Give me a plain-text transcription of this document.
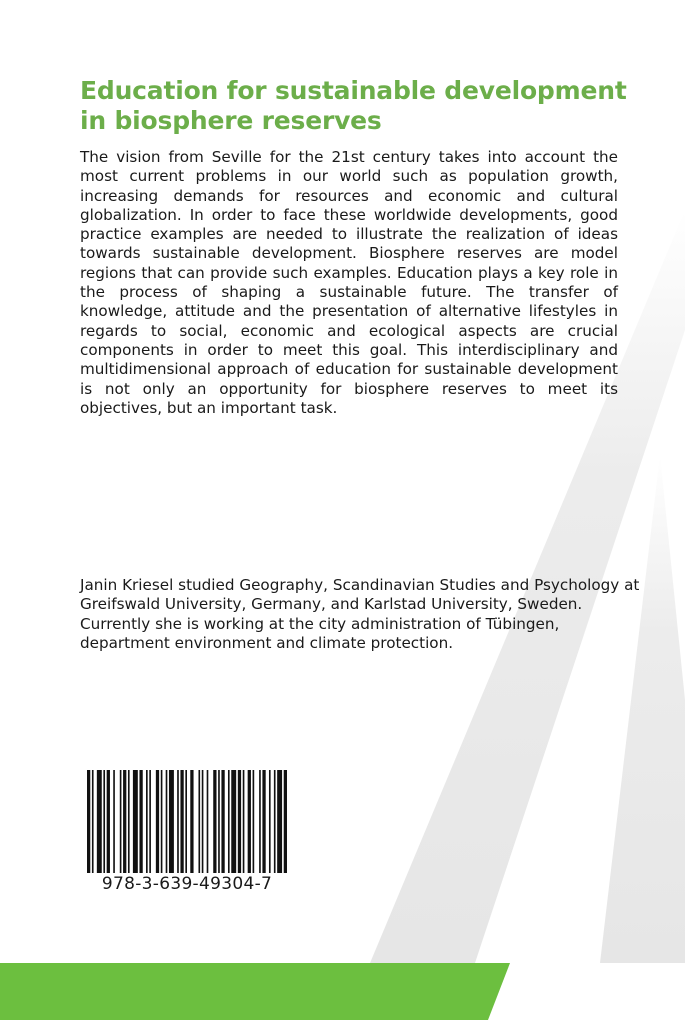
Education for sustainable development in biosphere reserves

The vision from Seville for the 21st century takes into account the most current problems in our world such as population growth, increasing demands for resources and economic and cultural globalization. In order to face these worldwide developments, good practice examples are needed to illustrate the realization of ideas towards sustainable development. Biosphere reserves are model regions that can provide such examples. Education plays a key role in the process of shaping a sustainable future. The transfer of knowledge, attitude and the presentation of alternative lifestyles in regards to social, economic and ecological aspects are crucial components in order to meet this goal. This interdisciplinary and multidimensional approach of education for sustainable development is not only an opportunity for biosphere reserves to meet its objectives, but an important task.

Janin Kriesel studied Geography, Scandinavian Studies and Psychology at Greifswald University, Germany, and Karlstad University, Sweden. Currently she is working at the city administration of Tübingen, department environment and climate protection.

978-3-639-49304-7
